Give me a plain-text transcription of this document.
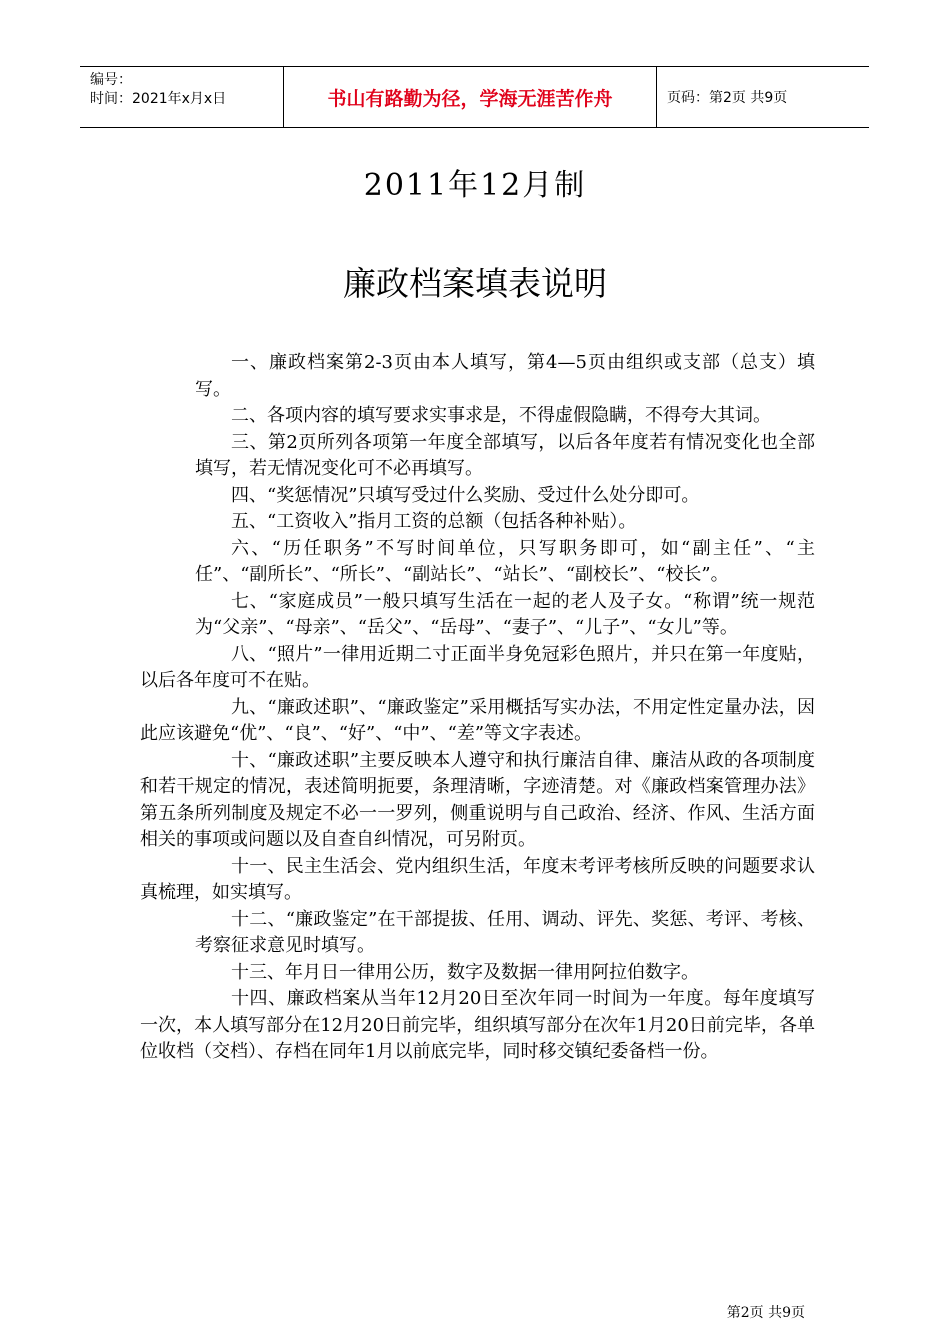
编号：
时间：2021年x月x日	书山有路勤为径，学海无涯苦作舟	页码：第2页 共9页
2011年12月制
廉政档案填表说明

一、廉政档案第2-3页由本人填写，第4—5页由组织或支部（总支）填写。

二、各项内容的填写要求实事求是，不得虚假隐瞒，不得夸大其词。

三、第2页所列各项第一年度全部填写，以后各年度若有情况变化也全部填写，若无情况变化可不必再填写。

四、“奖惩情况”只填写受过什么奖励、受过什么处分即可。

五、“工资收入”指月工资的总额（包括各种补贴）。

六、“历任职务”不写时间单位，只写职务即可，如“副主任”、“主任”、“副所长”、“所长”、“副站长”、“站长”、“副校长”、“校长”。

七、“家庭成员”一般只填写生活在一起的老人及子女。“称谓”统一规范为“父亲”、“母亲”、“岳父”、“岳母”、“妻子”、“儿子”、“女儿”等。

八、“照片”一律用近期二寸正面半身免冠彩色照片，并只在第一年度贴，以后各年度可不在贴。

九、“廉政述职”、“廉政鉴定”采用概括写实办法，不用定性定量办法，因此应该避免“优”、“良”、“好”、“中”、“差”等文字表述。

十、“廉政述职”主要反映本人遵守和执行廉洁自律、廉洁从政的各项制度和若干规定的情况，表述简明扼要，条理清晰，字迹清楚。对《廉政档案管理办法》第五条所列制度及规定不必一一罗列，侧重说明与自己政治、经济、作风、生活方面相关的事项或问题以及自查自纠情况，可另附页。

十一、民主生活会、党内组织生活，年度末考评考核所反映的问题要求认真梳理，如实填写。

十二、“廉政鉴定”在干部提拔、任用、调动、评先、奖惩、考评、考核、考察征求意见时填写。

十三、年月日一律用公历，数字及数据一律用阿拉伯数字。

十四、廉政档案从当年12月20日至次年同一时间为一年度。每年度填写一次，本人填写部分在12月20日前完毕，组织填写部分在次年1月20日前完毕，各单位收档（交档）、存档在同年1月以前底完毕，同时移交镇纪委备档一份。

第2页 共9页
